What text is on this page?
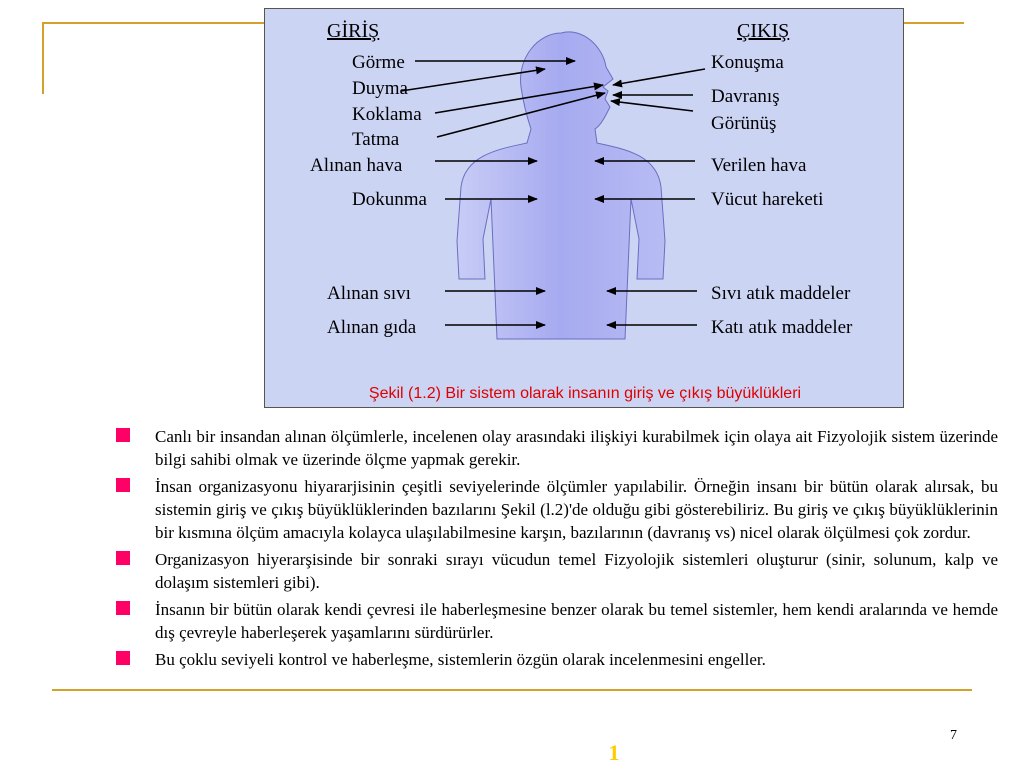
GİRİŞ	ÇIKIŞ
Görme
Duyma
Koklama
Tatma
Alınan hava
Dokunma
Alınan sıvı
Alınan gıda
Konuşma
Davranış
Görünüş
Verilen hava
Vücut hareketi
Sıvı atık maddeler
Katı atık maddeler
Şekil (1.2) Bir sistem olarak insanın giriş ve çıkış büyüklükleri
Canlı bir insandan alınan ölçümlerle, incelenen olay arasındaki ilişkiyi kurabilmek için olaya ait Fizyolojik sistem üzerinde bilgi sahibi olmak ve üzerinde ölçme yapmak gerekir.
İnsan organizasyonu hiyararjisinin çeşitli seviyelerinde ölçümler yapılabilir. Örneğin insanı bir bütün olarak alırsak, bu sistemin giriş ve çıkış büyüklüklerinden bazılarını Şekil (l.2)'de olduğu gibi gösterebiliriz. Bu giriş ve çıkış büyüklüklerinin bir kısmına ölçüm amacıyla kolayca ulaşılabilmesine karşın, bazılarının (davranış vs) nicel olarak ölçülmesi çok zordur.
Organizasyon hiyerarşisinde bir sonraki sırayı vücudun temel Fizyolojik sistemleri oluşturur (sinir, solunum, kalp ve dolaşım sistemleri gibi).
İnsanın bir bütün olarak kendi çevresi ile haberleşmesine benzer olarak bu temel sistemler, hem kendi aralarında ve hemde dış çevreyle haberleşerek yaşamlarını sürdürürler.
Bu çoklu seviyeli kontrol ve haberleşme, sistemlerin özgün olarak incelenmesini engeller.
7
1
